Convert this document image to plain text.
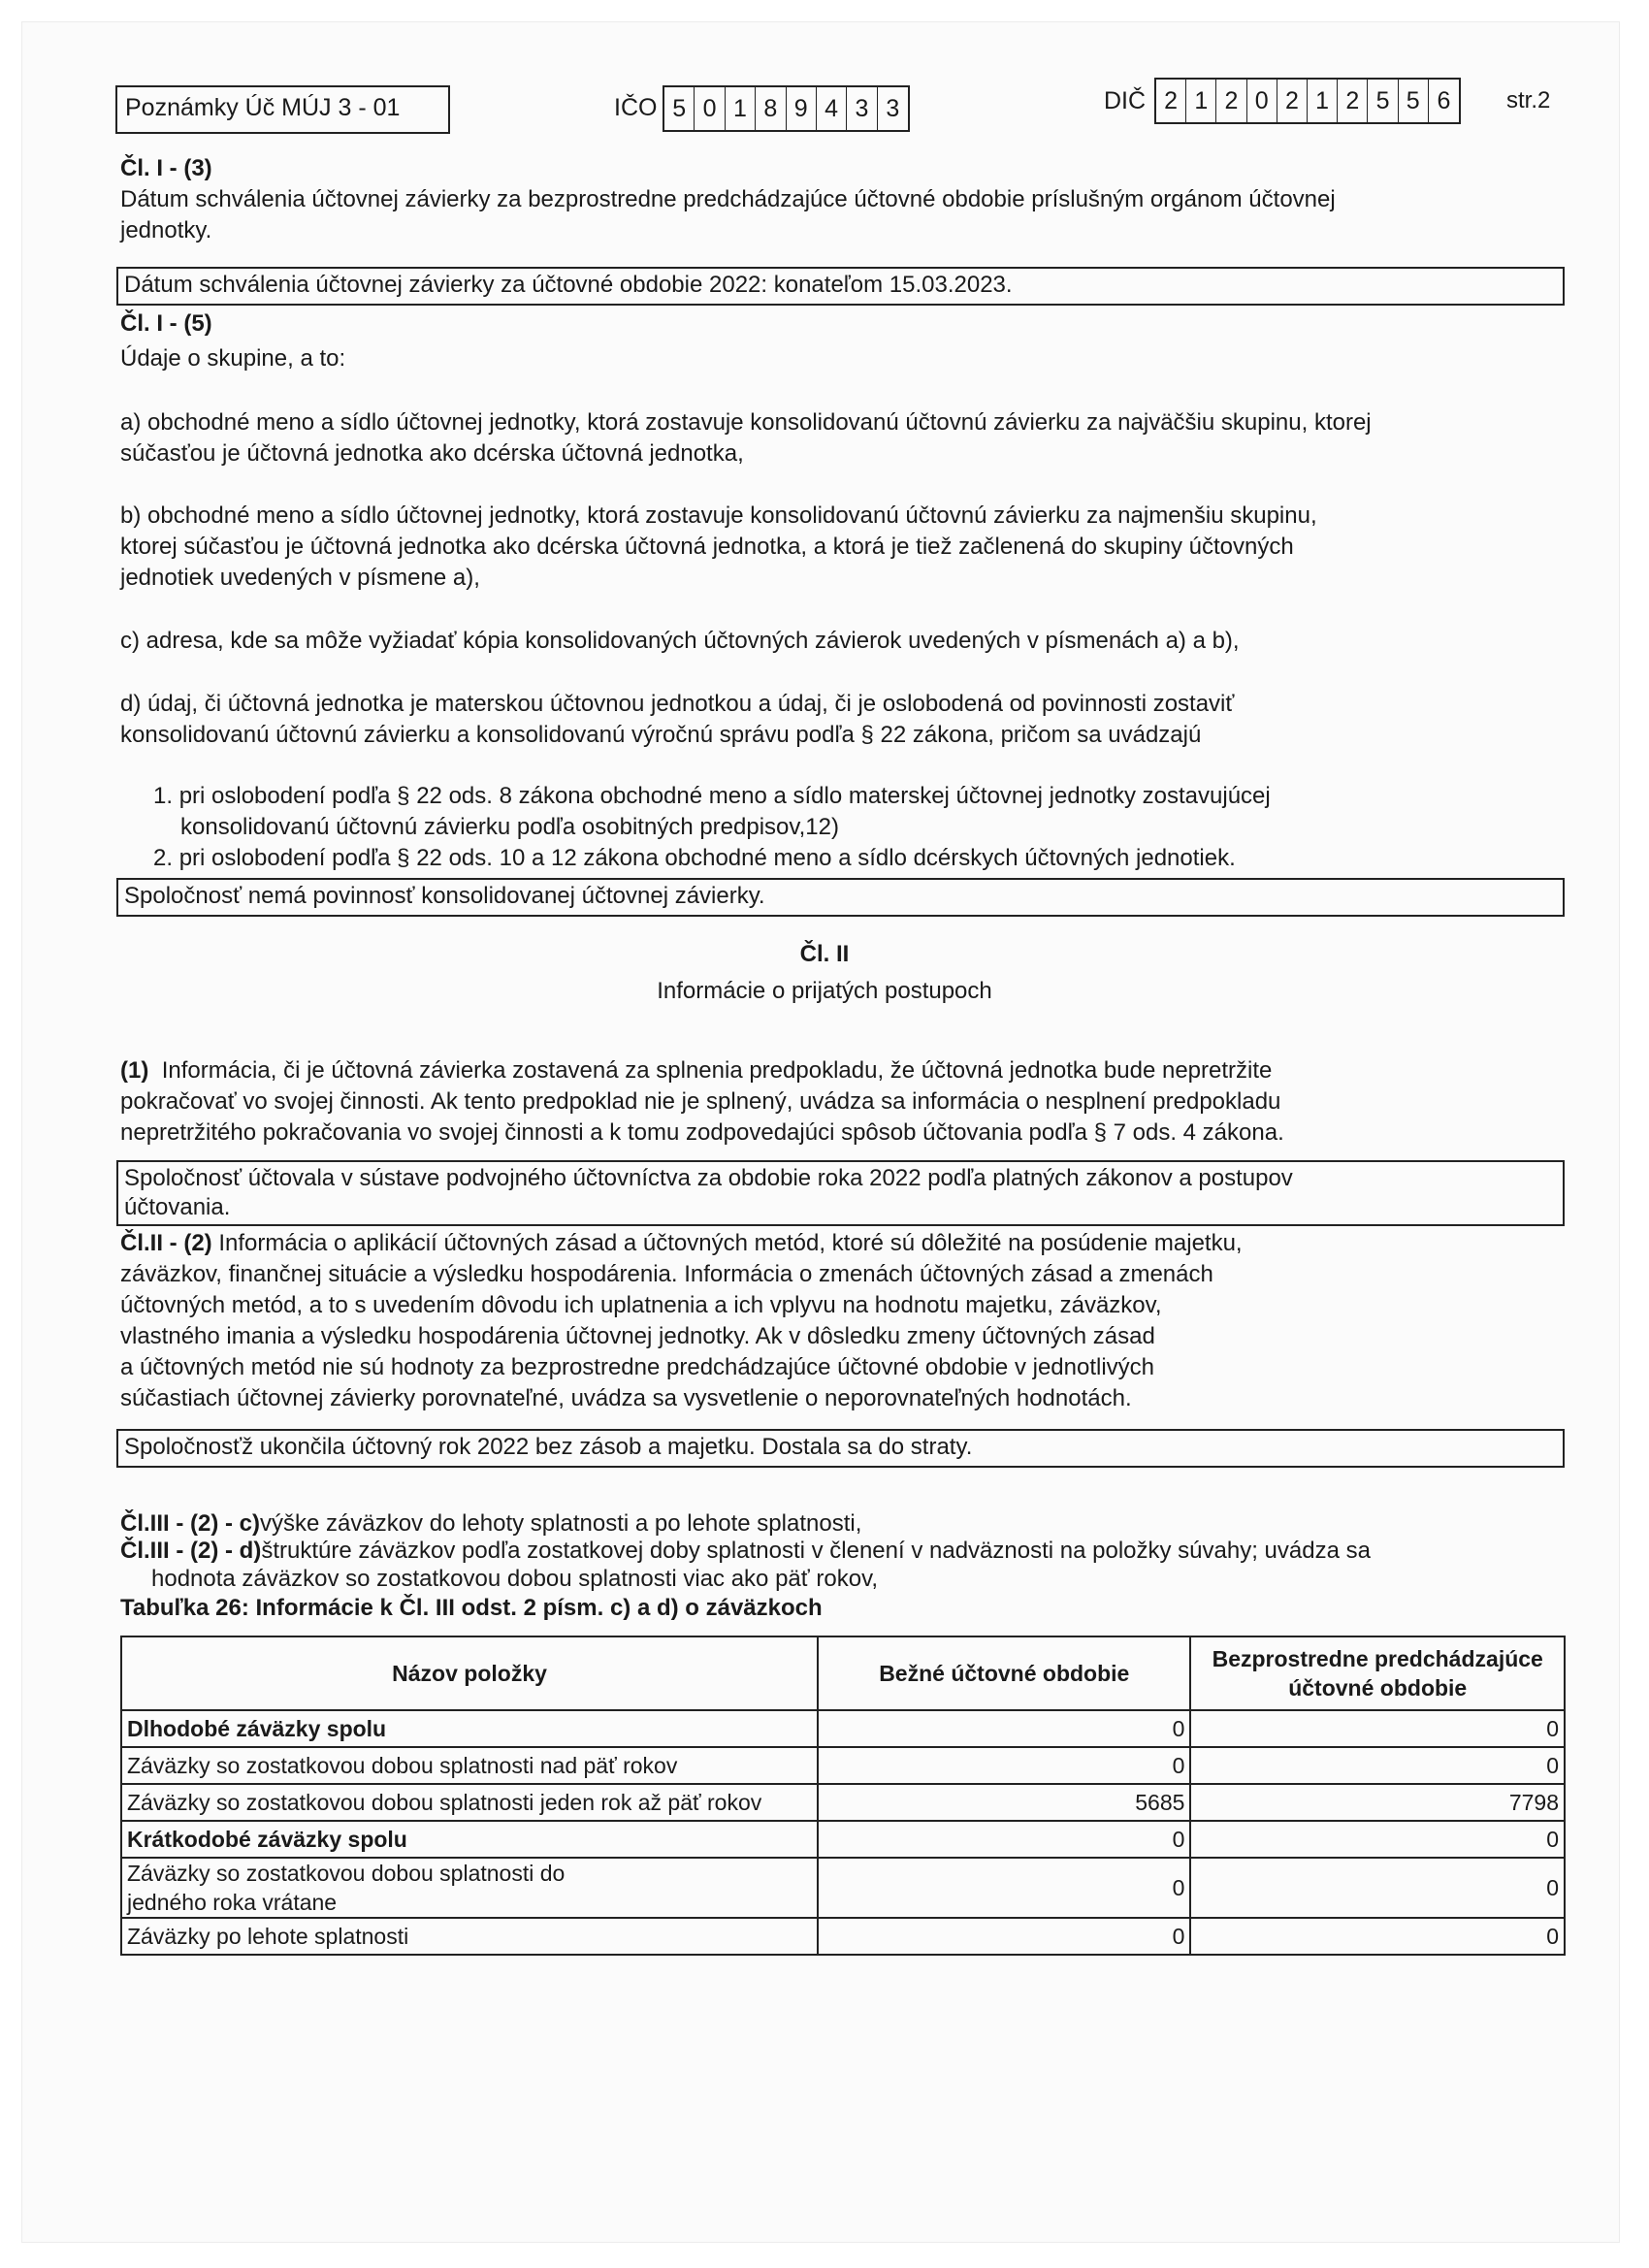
Poznámky Úč MÚJ 3 - 01	IČO 5 0 1 8 9 4 3 3	DIČ 2 1 2 0 2 1 2 5 5 6	str.2
Čl. I - (3)
Dátum schválenia účtovnej závierky za bezprostredne predchádzajúce účtovné obdobie príslušným orgánom účtovnej
jednotky.
Dátum schválenia účtovnej závierky za účtovné obdobie 2022: konateľom 15.03.2023.
Čl. I - (5)
Údaje o skupine, a to:
a) obchodné meno a sídlo účtovnej jednotky, ktorá zostavuje konsolidovanú účtovnú závierku za najväčšiu skupinu, ktorej
súčasťou je účtovná jednotka ako dcérska účtovná jednotka,
b) obchodné meno a sídlo účtovnej jednotky, ktorá zostavuje konsolidovanú účtovnú závierku za najmenšiu skupinu,
ktorej súčasťou je účtovná jednotka ako dcérska účtovná jednotka, a ktorá je tiež začlenená do skupiny účtovných
jednotiek uvedených v písmene a),
c) adresa, kde sa môže vyžiadať kópia konsolidovaných účtovných závierok uvedených v písmenách a) a b),
d) údaj, či účtovná jednotka je materskou účtovnou jednotkou a údaj, či je oslobodená od povinnosti zostaviť
konsolidovanú účtovnú závierku a konsolidovanú výročnú správu podľa § 22 zákona, pričom sa uvádzajú
1. pri oslobodení podľa § 22 ods. 8 zákona obchodné meno a sídlo materskej účtovnej jednotky zostavujúcej
konsolidovanú účtovnú závierku podľa osobitných predpisov,12)
2. pri oslobodení podľa § 22 ods. 10 a 12 zákona obchodné meno a sídlo dcérskych účtovných jednotiek.
Spoločnosť nemá povinnosť konsolidovanej účtovnej závierky.
Čl. II
Informácie o prijatých postupoch
(1) Informácia, či je účtovná závierka zostavená za splnenia predpokladu, že účtovná jednotka bude nepretržite
pokračovať vo svojej činnosti. Ak tento predpoklad nie je splnený, uvádza sa informácia o nesplnení predpokladu
nepretržitého pokračovania vo svojej činnosti a k tomu zodpovedajúci spôsob účtovania podľa § 7 ods. 4 zákona.
Spoločnosť účtovala v sústave podvojného účtovníctva za obdobie roka 2022 podľa platných zákonov a postupov
účtovania.
Čl.II - (2) Informácia o aplikácií účtovných zásad a účtovných metód, ktoré sú dôležité na posúdenie majetku,
záväzkov, finančnej situácie a výsledku hospodárenia. Informácia o zmenách účtovných zásad a zmenách
účtovných metód, a to s uvedením dôvodu ich uplatnenia a ich vplyvu na hodnotu majetku, záväzkov,
vlastného imania a výsledku hospodárenia účtovnej jednotky. Ak v dôsledku zmeny účtovných zásad
a účtovných metód nie sú hodnoty za bezprostredne predchádzajúce účtovné obdobie v jednotlivých
súčastiach účtovnej závierky porovnateľné, uvádza sa vysvetlenie o neporovnateľných hodnotách.
Spoločnosťž ukončila účtovný rok 2022 bez zásob a majetku. Dostala sa do straty.
Čl.III - (2) - c)výške záväzkov do lehoty splatnosti a po lehote splatnosti,
Čl.III - (2) - d)štruktúre záväzkov podľa zostatkovej doby splatnosti v členení v nadväznosti na položky súvahy; uvádza sa
hodnota záväzkov so zostatkovou dobou splatnosti viac ako päť rokov,
Tabuľka 26: Informácie k Čl. III odst. 2 písm. c) a d) o záväzkoch
Názov položky	Bežné účtovné obdobie	Bezprostredne predchádzajúce účtovné obdobie
Dlhodobé záväzky spolu	0	0
Záväzky so zostatkovou dobou splatnosti nad päť rokov	0	0
Záväzky so zostatkovou dobou splatnosti jeden rok až päť rokov	5685	7798
Krátkodobé záväzky spolu	0	0
Záväzky so zostatkovou dobou splatnosti do jedného roka vrátane	0	0
Záväzky po lehote splatnosti	0	0
